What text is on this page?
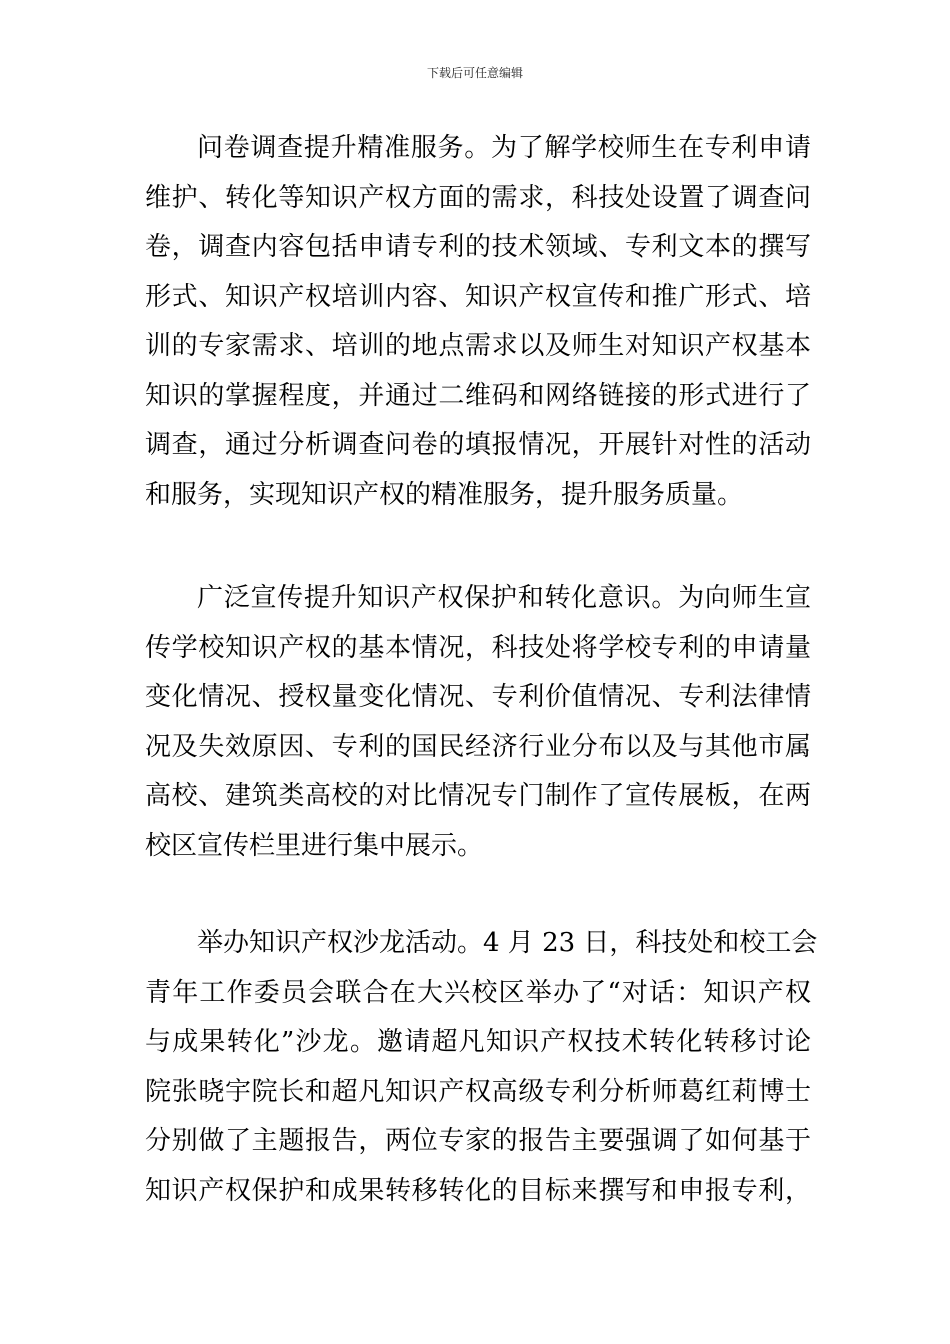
下载后可任意编辑
问卷调查提升精准服务。为了解学校师生在专利申请
维护、转化等知识产权方面的需求，科技处设置了调查问
卷，调查内容包括申请专利的技术领域、专利文本的撰写
形式、知识产权培训内容、知识产权宣传和推广形式、培
训的专家需求、培训的地点需求以及师生对知识产权基本
知识的掌握程度，并通过二维码和网络链接的形式进行了
调查，通过分析调查问卷的填报情况，开展针对性的活动
和服务，实现知识产权的精准服务，提升服务质量。
广泛宣传提升知识产权保护和转化意识。为向师生宣
传学校知识产权的基本情况，科技处将学校专利的申请量
变化情况、授权量变化情况、专利价值情况、专利法律情
况及失效原因、专利的国民经济行业分布以及与其他市属
高校、建筑类高校的对比情况专门制作了宣传展板，在两
校区宣传栏里进行集中展示。
举办知识产权沙龙活动。4 月 23 日，科技处和校工会
青年工作委员会联合在大兴校区举办了“对话：知识产权
与成果转化”沙龙。邀请超凡知识产权技术转化转移讨论
院张晓宇院长和超凡知识产权高级专利分析师葛红莉博士
分别做了主题报告，两位专家的报告主要强调了如何基于
知识产权保护和成果转移转化的目标来撰写和申报专利，
